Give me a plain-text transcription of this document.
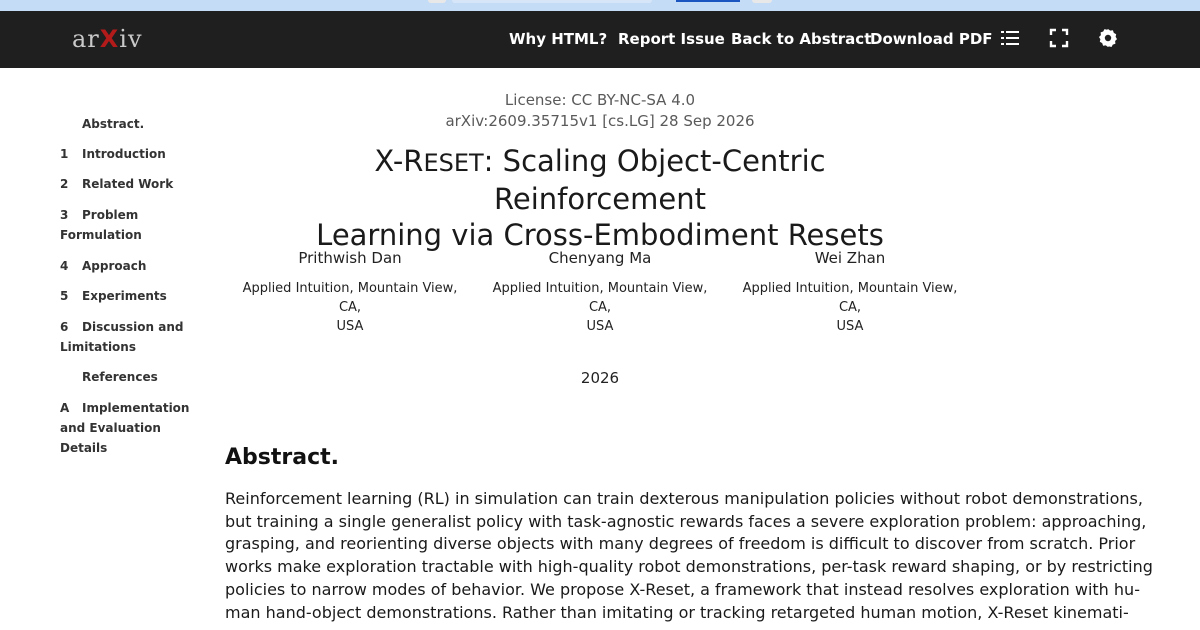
arXiv	Why HTML? Report Issue Back to Abstract
Download PDF
Abstract.
1 Introduction
2 Related Work
3 Problem
Formulation
4 Approach
5 Experiments
6 Discussion and
Limitations
References
A Implementation
and Evaluation Details
License: CC BY-NC-SA 4.0
arXiv:2609.35715v1 [cs.LG] 28 Sep 2026
X-RESET: Scaling Object-Centric Reinforcement
Learning via Cross-Embodiment Resets
Prithwish Dan
Applied Intuition, Mountain View, CA,
USA
Chenyang Ma
Applied Intuition, Mountain View, CA,
USA
Wei Zhan
Applied Intuition, Mountain View, CA,
USA
2026
Abstract.
Reinforcement learning (RL) in simulation can train dexterous manipulation policies without robot demonstrations,
but training a single generalist policy with task-agnostic rewards faces a severe exploration problem: approaching,
grasping, and reorienting diverse objects with many degrees of freedom is difficult to discover from scratch. Prior
works make exploration tractable with high-quality robot demonstrations, per-task reward shaping, or by restricting
policies to narrow modes of behavior. We propose X-Reset, a framework that instead resolves exploration with hu-
man hand-object demonstrations. Rather than imitating or tracking retargeted human motion, X-Reset kinemati-
